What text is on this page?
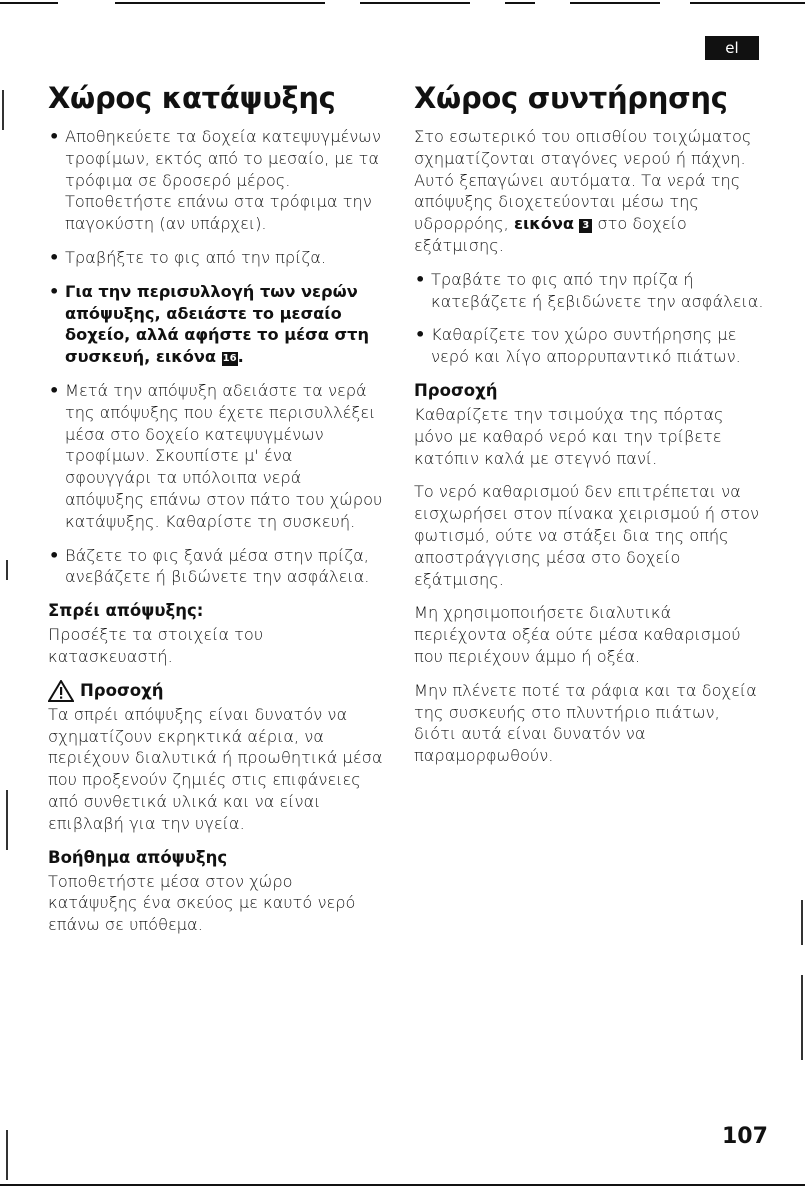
el
Χώρος κατάψυξης
• Αποθηκεύετε τα δοχεία κατεψυγμένων τροφίμων, εκτός από το μεσαίο, με τα τρόφιμα σε δροσερό μέρος. Τοποθετήστε επάνω στα τρόφιμα την παγοκύστη (αν υπάρχει).
• Τραβήξτε το φις από την πρίζα.
• Για την περισυλλογή των νερών απόψυξης, αδειάστε το μεσαίο δοχείο, αλλά αφήστε το μέσα στη συσκευή, εικόνα 16.
• Μετά την απόψυξη αδειάστε τα νερά της απόψυξης που έχετε περισυλλέξει μέσα στο δοχείο κατεψυγμένων τροφίμων. Σκουπίστε μ' ένα σφουγγάρι τα υπόλοιπα νερά απόψυξης επάνω στον πάτο του χώρου κατάψυξης. Καθαρίστε τη συσκευή.
• Βάζετε το φις ξανά μέσα στην πρίζα, ανεβάζετε ή βιδώνετε την ασφάλεια.
Σπρέι απόψυξης:

Προσέξτε τα στοιχεία του κατασκευαστή.

Προσοχή

Τα σπρέι απόψυξης είναι δυνατόν να σχηματίζουν εκρηκτικά αέρια, να περιέχουν διαλυτικά ή προωθητικά μέσα που προξενούν ζημιές στις επιφάνειες από συνθετικά υλικά και να είναι επιβλαβή για την υγεία.

Βοήθημα απόψυξης

Τοποθετήστε μέσα στον χώρο κατάψυξης ένα σκεύος με καυτό νερό επάνω σε υπόθεμα.

Χώρος συντήρησης

Στο εσωτερικό του οπισθίου τοιχώματος σχηματίζονται σταγόνες νερού ή πάχνη. Αυτό ξεπαγώνει αυτόματα. Τα νερά της απόψυξης διοχετεύονται μέσω της υδρορρόης, εικόνα 3 στο δοχείο εξάτμισης.

• Τραβάτε το φις από την πρίζα ή κατεβάζετε ή ξεβιδώνετε την ασφάλεια.
• Καθαρίζετε τον χώρο συντήρησης με νερό και λίγο απορρυπαντικό πιάτων.
Προσοχή

Καθαρίζετε την τσιμούχα της πόρτας μόνο με καθαρό νερό και την τρίβετε κατόπιν καλά με στεγνό πανί.

Το νερό καθαρισμού δεν επιτρέπεται να εισχωρήσει στον πίνακα χειρισμού ή στον φωτισμό, ούτε να στάξει δια της οπής αποστράγγισης μέσα στο δοχείο εξάτμισης.

Μη χρησιμοποιήσετε διαλυτικά περιέχοντα οξέα ούτε μέσα καθαρισμού που περιέχουν άμμο ή οξέα.

Μην πλένετε ποτέ τα ράφια και τα δοχεία της συσκευής στο πλυντήριο πιάτων, διότι αυτά είναι δυνατόν να παραμορφωθούν.

107
